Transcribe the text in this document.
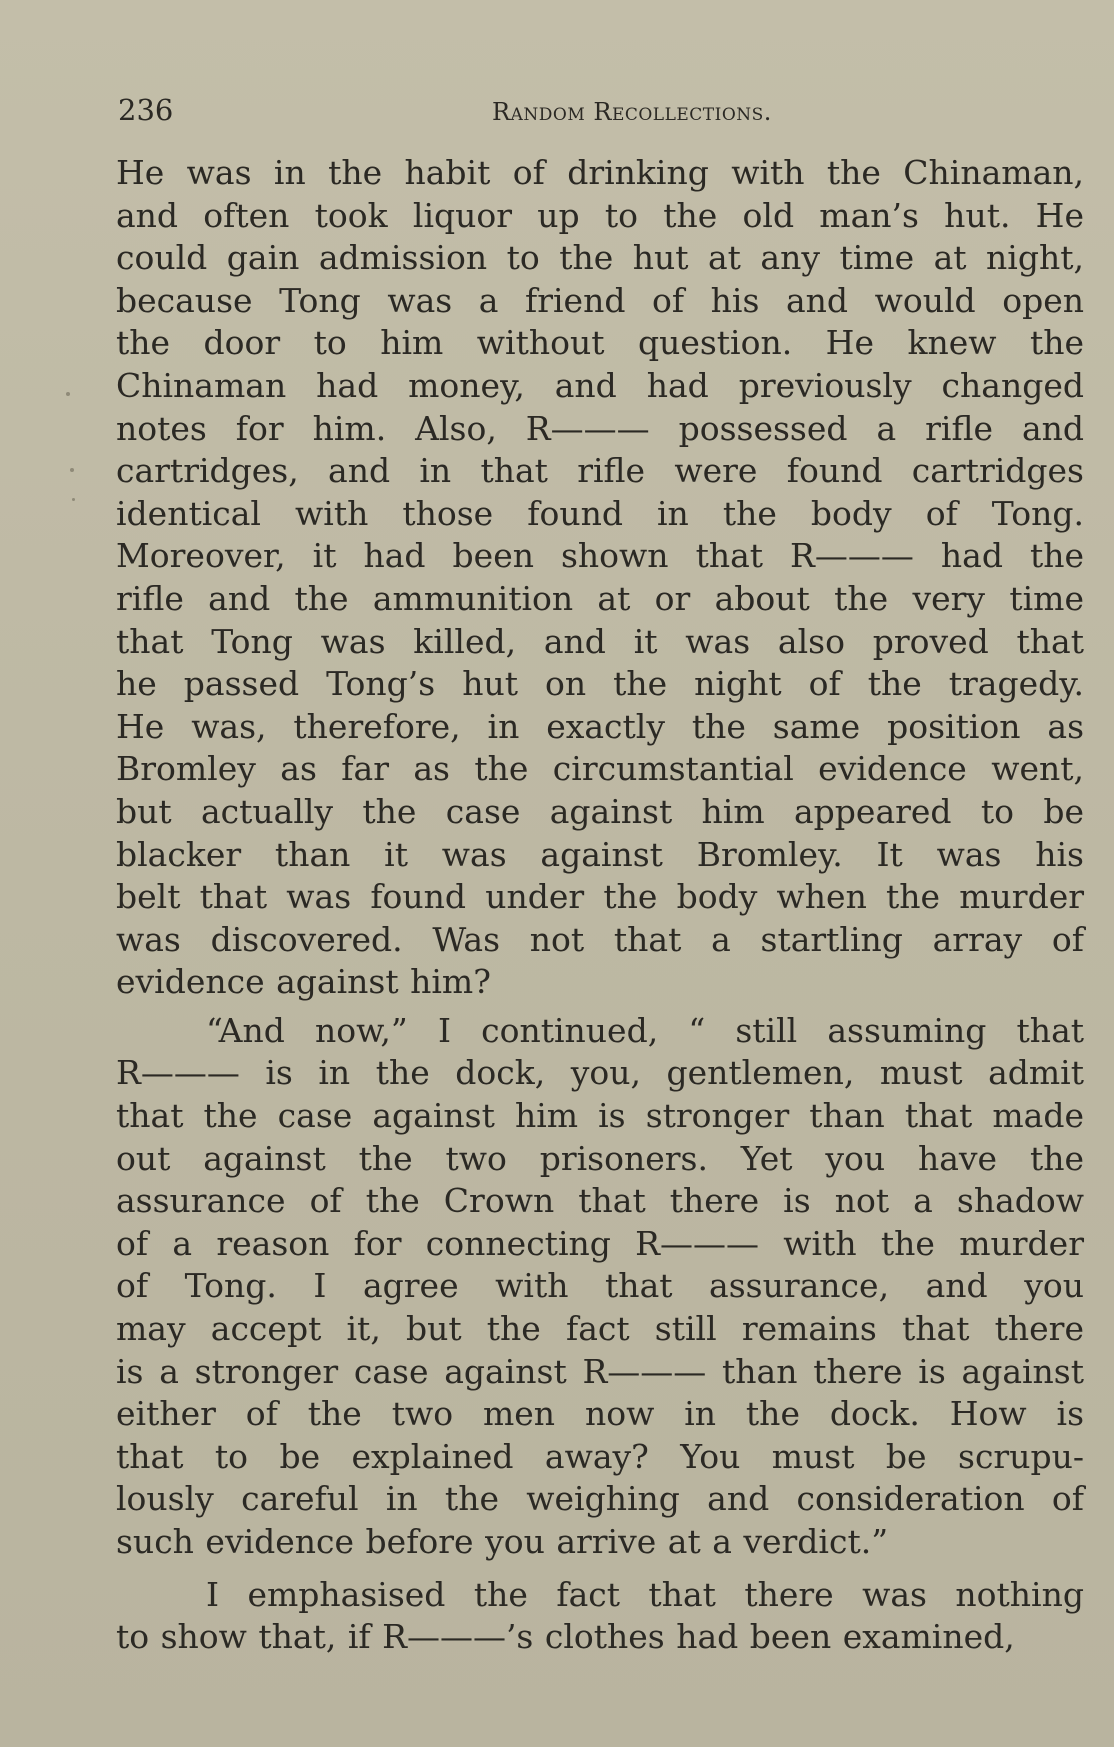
236	Random Recollections.
He was in the habit of drinking with the Chinaman,
and often took liquor up to the old man’s hut. He
could gain admission to the hut at any time at night,
because Tong was a friend of his and would open
the door to him without question. He knew the
Chinaman had money, and had previously changed
notes for him. Also, R——— possessed a rifle and
cartridges, and in that rifle were found cartridges
identical with those found in the body of Tong.
Moreover, it had been shown that R——— had the
rifle and the ammunition at or about the very time
that Tong was killed, and it was also proved that
he passed Tong’s hut on the night of the tragedy.
He was, therefore, in exactly the same position as
Bromley as far as the circumstantial evidence went,
but actually the case against him appeared to be
blacker than it was against Bromley. It was his
belt that was found under the body when the murder
was discovered. Was not that a startling array of
evidence against him?
“And now,” I continued, “ still assuming that
R——— is in the dock, you, gentlemen, must admit
that the case against him is stronger than that made
out against the two prisoners. Yet you have the
assurance of the Crown that there is not a shadow
of a reason for connecting R——— with the murder
of Tong. I agree with that assurance, and you
may accept it, but the fact still remains that there
is a stronger case against R——— than there is against
either of the two men now in the dock. How is
that to be explained away? You must be scrupu-
lously careful in the weighing and consideration of
such evidence before you arrive at a verdict.”
I emphasised the fact that there was nothing
to show that, if R———’s clothes had been examined,
